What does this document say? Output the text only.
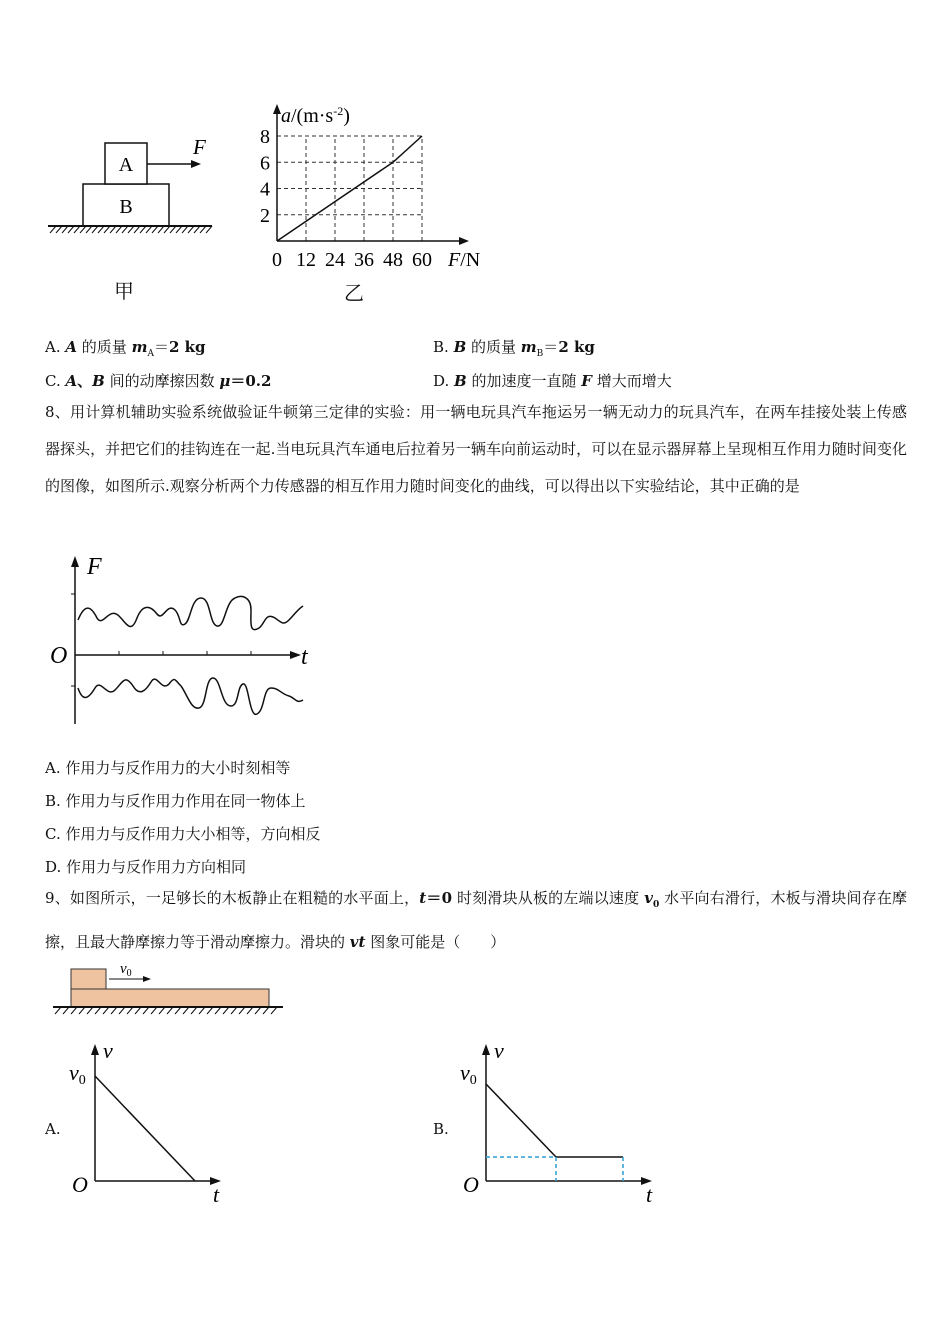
A
B
F
甲
$a/(m\cdot s^{-2})$
F/N
0 12 24 36 48 60
2
4
6
8
乙
A. A 的质量 $m_A=2$ kg	B. B 的质量 $m_B=2$ kg
C. A、B 间的动摩擦因数 μ＝0.2	D. B 的加速度一直随 F 增大而增大
8、用计算机辅助实验系统做验证牛顿第三定律的实验：用一辆电玩具汽车拖运另一辆无动力的玩具汽车，在两车挂接处装上传感器探头，并把它们的挂钩连在一起.当电玩具汽车通电后拉着另一辆车向前运动时，可以在显示器屏幕上呈现相互作用力随时间变化的图像，如图所示.观察分析两个力传感器的相互作用力随时间变化的曲线，可以得出以下实验结论，其中正确的是
F
t
O
A. 作用力与反作用力的大小时刻相等
B. 作用力与反作用力作用在同一物体上
C. 作用力与反作用力大小相等，方向相反
D. 作用力与反作用力方向相同
9、如图所示，一足够长的木板静止在粗糙的水平面上，t＝0 时刻滑块从板的左端以速度 $v_0$ 水平向右滑行，木板与滑块间存在摩擦，且最大静摩擦力等于滑动摩擦力。滑块的 vt 图象可能是（　　）
$v_0$
A.
v
v0
O	t
B.
v
v0
O	t
